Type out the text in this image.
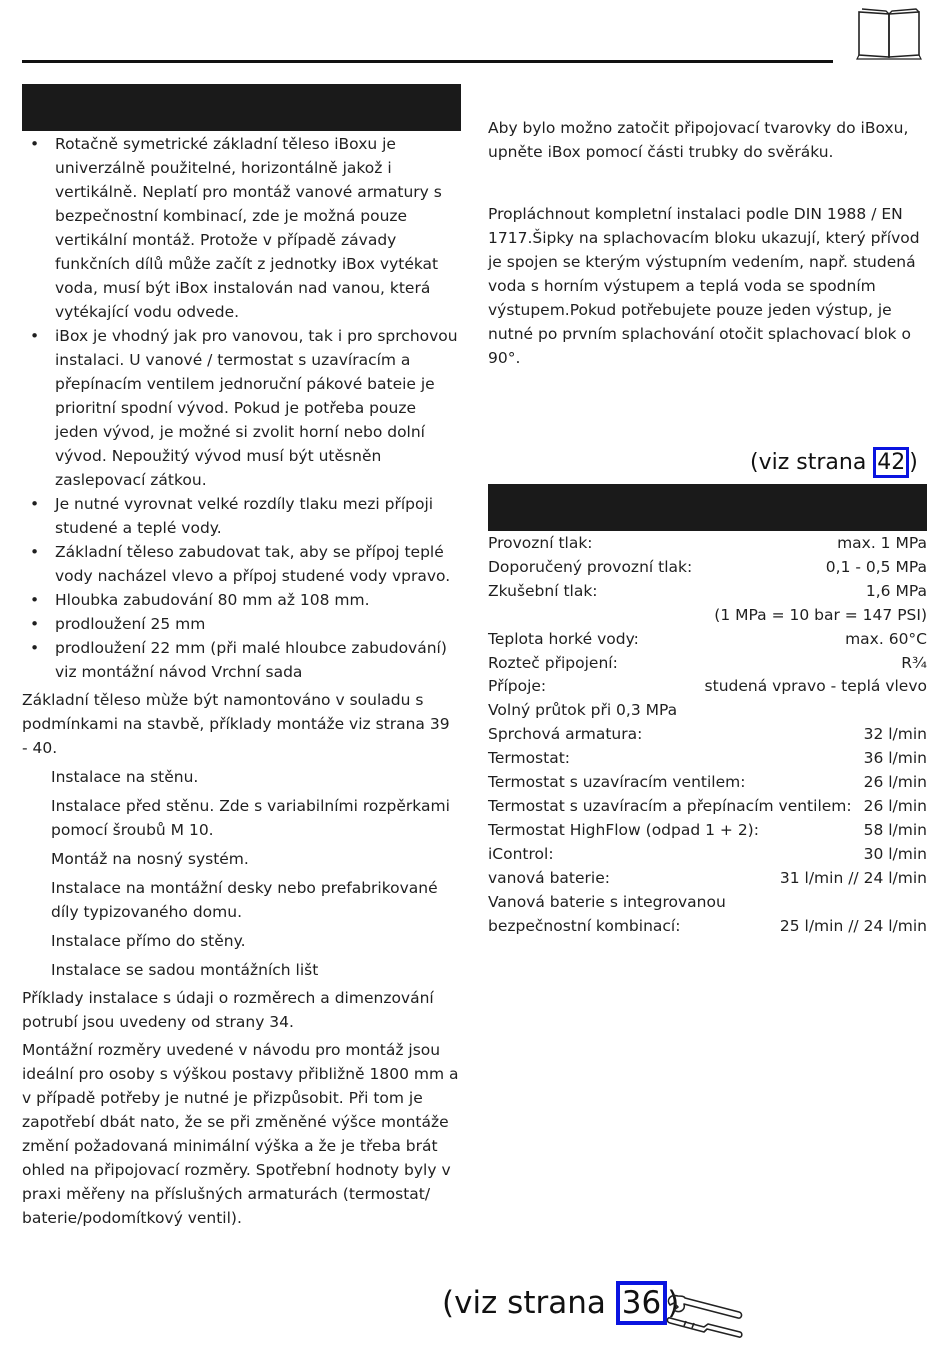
• Rotačně symetrické základní těleso iBoxu je univerzálně použitelné, horizontálně jakož i vertikálně. Neplatí pro montáž vanové armatury s bezpečnostní kombinací, zde je možná pouze vertikální montáž. Protože v případě závady funkčních dílů může začít z jednotky iBox vytékat voda, musí být iBox instalován nad vanou, která vytékající vodu odvede.
• iBox je vhodný jak pro vanovou, tak i pro sprchovou instalaci. U vanové / termostat s uzavíracím a přepínacím ventilem jednoruční pákové bateie je prioritní spodní vývod. Pokud je potřeba pouze jeden vývod, je možné si zvolit horní nebo dolní vývod. Nepoužitý vývod musí být utěsněn zaslepovací zátkou.
• Je nutné vyrovnat velké rozdíly tlaku mezi přípoji studené a teplé vody.
• Základní těleso zabudovat tak, aby se přípoj teplé vody nacházel vlevo a přípoj studené vody vpravo.
• Hloubka zabudování 80 mm až 108 mm.
• prodloužení 25 mm
• prodloužení 22 mm (při malé hloubce zabudování) viz montážní návod Vrchní sada

Základní těleso mùže být namontováno v souladu s podmínkami na stavbě, příklady montáže viz strana 39 - 40.

Instalace na stěnu.

Instalace před stěnu. Zde s variabilními rozpěrkami pomocí šroubů M 10.

Montáž na nosný systém.

Instalace na montážní desky nebo prefabrikované díly typizovaného domu.

Instalace přímo do stěny.

Instalace se sadou montážních lišt

Příklady instalace s údaji o rozměrech a dimenzování potrubí jsou uvedeny od strany 34.

Montážní rozměry uvedené v návodu pro montáž jsou ideální pro osoby s výškou postavy přibližně 1800 mm a v případě potřeby je nutné je přizpůsobit. Při tom je zapotřebí dbát nato, že se při změněné výšce montáže změní požadovaná minimální výška a že je třeba brát ohled na připojovací rozměry. Spotřební hodnoty byly v praxi měřeny na příslušných armaturách (termostat/ baterie/podomítkový ventil).

Aby bylo možno zatočit připojovací tvarovky do iBoxu, upněte iBox pomocí části trubky do svěráku.

Propláchnout kompletní instalaci podle DIN 1988 / EN 1717.Šipky na splachovacím bloku ukazují, který přívod je spojen se kterým výstupním vedením, např. studená voda s horním výstupem a teplá voda se spodním výstupem.Pokud potřebujete pouze jeden výstup, je nutné po prvním splachování otočit splachovací blok o 90°.

(viz strana 42 )
Provozní tlak:	max. 1 MPa
Doporučený provozní tlak:	0,1 - 0,5 MPa
Zkušební tlak:	1,6 MPa
(1 MPa = 10 bar = 147 PSI)
Teplota horké vody:	max. 60°C
Rozteč připojení:	R¾
Přípoje:	studená vpravo - teplá vlevo
Volný průtok při 0,3 MPa
Sprchová armatura:	32 l/min
Termostat:	36 l/min
Termostat s uzavíracím ventilem:	26 l/min
Termostat s uzavíracím a přepínacím ventilem: 26 l/min
Termostat HighFlow (odpad 1 + 2):	58 l/min
iControl:	30 l/min
vanová baterie:	31 l/min // 24 l/min
Vanová baterie s integrovanou
bezpečnostní kombinací:	25 l/min // 24 l/min
(viz strana 36 )
